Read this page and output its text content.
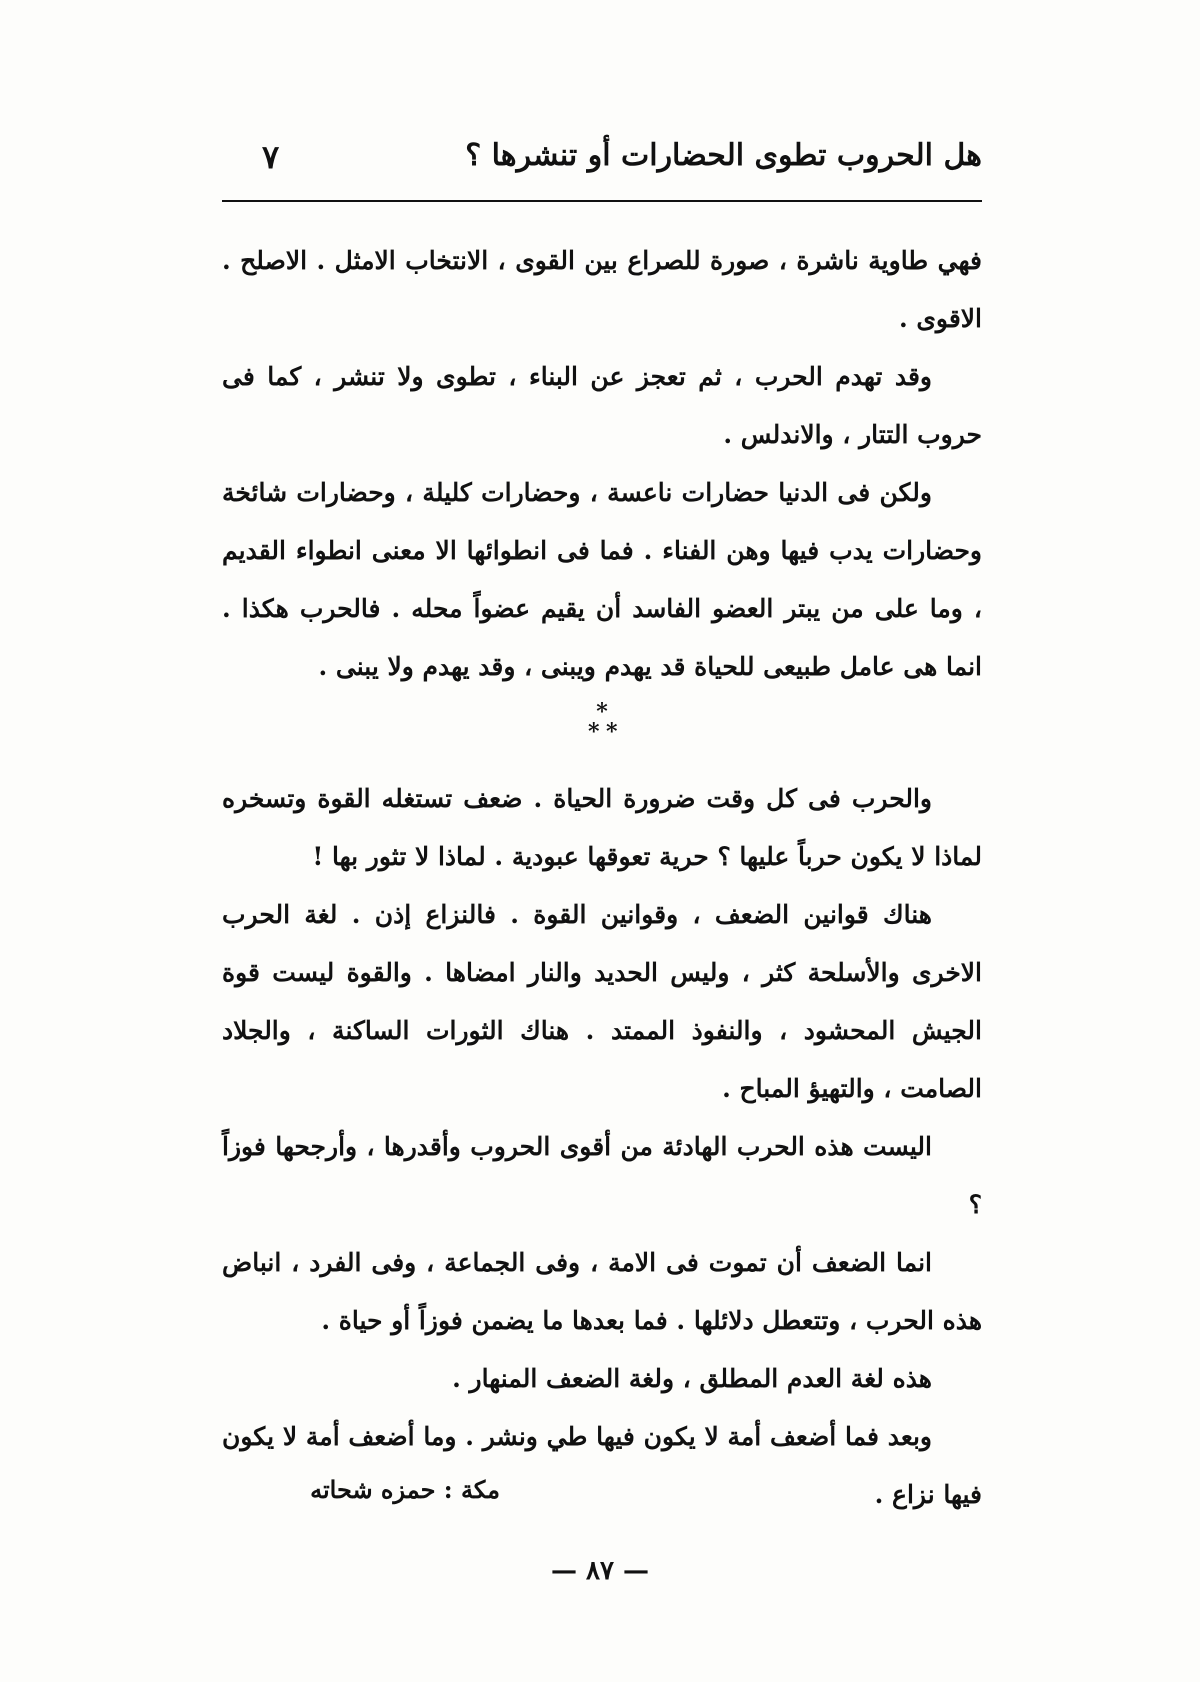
هل الحروب تطوى الحضارات أو تنشرها ؟
٧

فهي طاوية ناشرة ، صورة للصراع بين القوى ، الانتخاب الامثل . الاصلح . الاقوى .

وقد تهدم الحرب ، ثم تعجز عن البناء ، تطوى ولا تنشر ، كما فى حروب التتار ، والاندلس .

ولكن فى الدنيا حضارات ناعسة ، وحضارات كليلة ، وحضارات شائخة وحضارات يدب فيها وهن الفناء . فما فى انطوائها الا معنى انطواء القديم ، وما على من يبتر العضو الفاسد أن يقيم عضواً محله . فالحرب هكذا . انما هى عامل طبيعى للحياة قد يهدم ويبنى ، وقد يهدم ولا يبنى .

*
* *

والحرب فى كل وقت ضرورة الحياة . ضعف تستغله القوة وتسخره لماذا لا يكون حرباً عليها ؟ حرية تعوقها عبودية . لماذا لا تثور بها !

هناك قوانين الضعف ، وقوانين القوة . فالنزاع إذن . لغة الحرب الاخرى والأسلحة كثر ، وليس الحديد والنار امضاها . والقوة ليست قوة الجيش المحشود ، والنفوذ الممتد . هناك الثورات الساكنة ، والجلاد الصامت ، والتهيؤ المباح .

اليست هذه الحرب الهادئة من أقوى الحروب وأقدرها ، وأرجحها فوزاً ؟

انما الضعف أن تموت فى الامة ، وفى الجماعة ، وفى الفرد ، انباض هذه الحرب ، وتتعطل دلائلها . فما بعدها ما يضمن فوزاً أو حياة .

هذه لغة العدم المطلق ، ولغة الضعف المنهار .

وبعد فما أضعف أمة لا يكون فيها طي ونشر . وما أضعف أمة لا يكون فيها نزاع .

مكة : حمزه شحاته
— ٨٧ —
